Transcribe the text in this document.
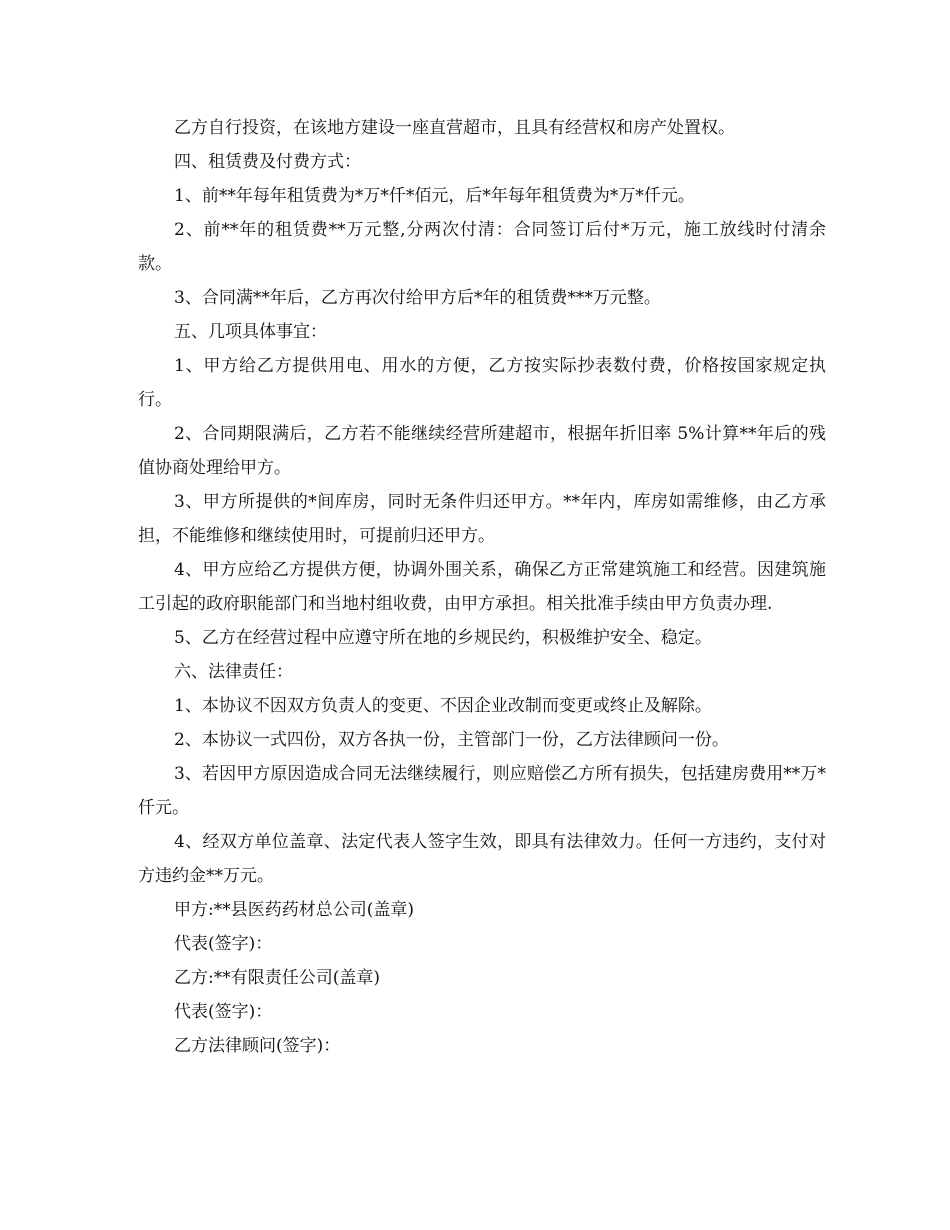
乙方自行投资，在该地方建设一座直营超市，且具有经营权和房产处置权。

四、租赁费及付费方式：

1、前**年每年租赁费为*万*仟*佰元，后*年每年租赁费为*万*仟元。

2、前**年的租赁费**万元整,分两次付清：合同签订后付*万元，施工放线时付清余款。

3、合同满**年后，乙方再次付给甲方后*年的租赁费***万元整。

五、几项具体事宜：

1、甲方给乙方提供用电、用水的方便，乙方按实际抄表数付费，价格按国家规定执行。

2、合同期限满后，乙方若不能继续经营所建超市，根据年折旧率 5%计算**年后的残值协商处理给甲方。

3、甲方所提供的*间库房，同时无条件归还甲方。**年内，库房如需维修，由乙方承担，不能维修和继续使用时，可提前归还甲方。

4、甲方应给乙方提供方便，协调外围关系，确保乙方正常建筑施工和经营。因建筑施工引起的政府职能部门和当地村组收费，由甲方承担。相关批准手续由甲方负责办理.

5、乙方在经营过程中应遵守所在地的乡规民约，积极维护安全、稳定。

六、法律责任：

1、本协议不因双方负责人的变更、不因企业改制而变更或终止及解除。

2、本协议一式四份，双方各执一份，主管部门一份，乙方法律顾问一份。

3、若因甲方原因造成合同无法继续履行，则应赔偿乙方所有损失，包括建房费用**万*仟元。

4、经双方单位盖章、法定代表人签字生效，即具有法律效力。任何一方违约，支付对方违约金**万元。

甲方:**县医药药材总公司(盖章)

代表(签字)：

乙方:**有限责任公司(盖章)

代表(签字)：

乙方法律顾问(签字)：
